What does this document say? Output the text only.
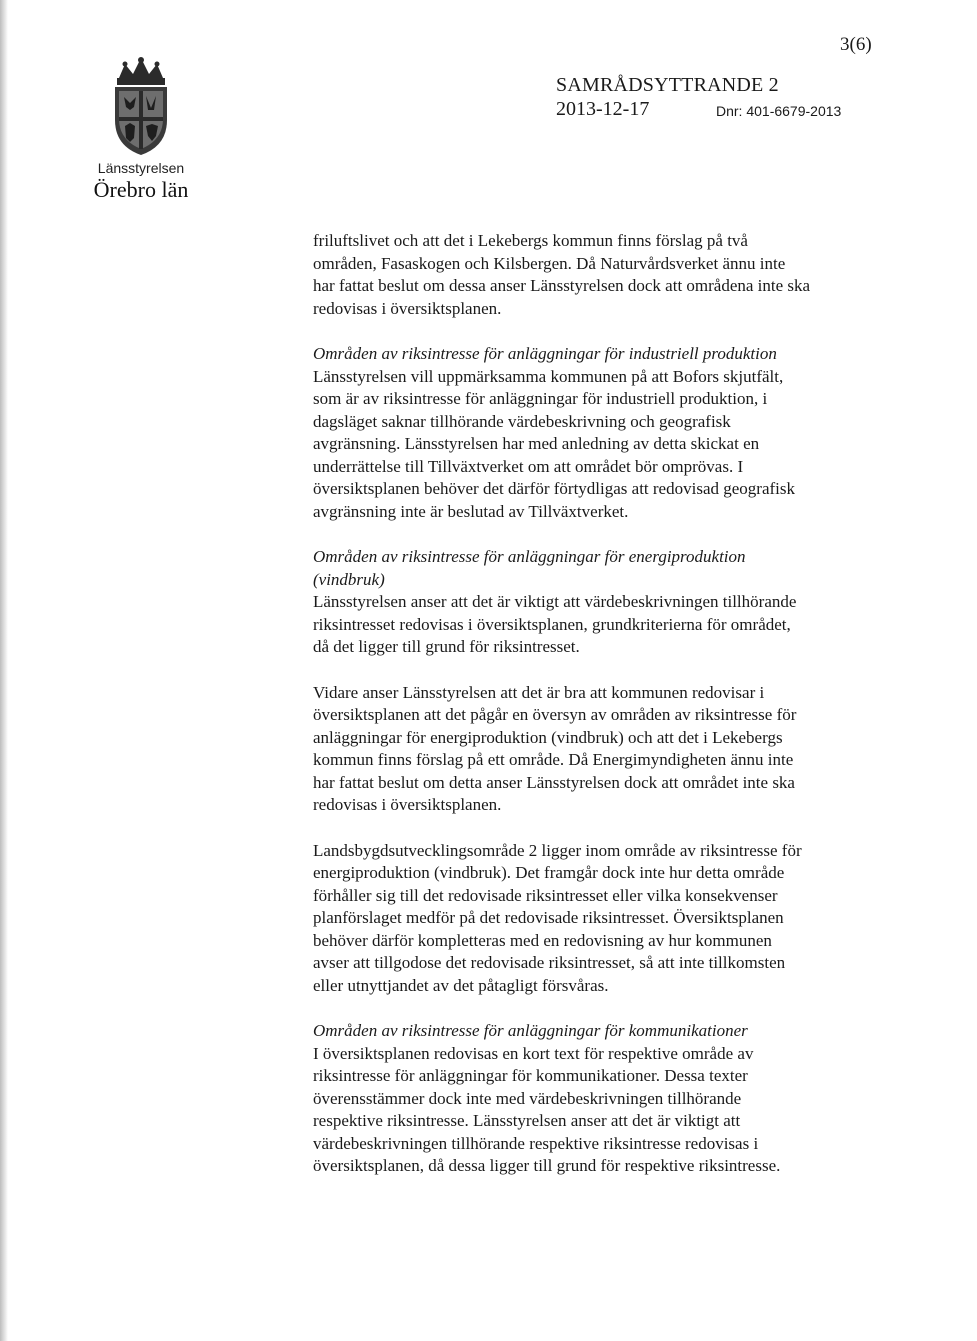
3(6)
SAMRÅDSYTTRANDE 2
2013-12-17	Dnr: 401-6679-2013
Länsstyrelsen
Örebro län
friluftslivet och att det i Lekebergs kommun finns förslag på två
områden, Fasaskogen och Kilsbergen. Då Naturvårdsverket ännu inte
har fattat beslut om dessa anser Länsstyrelsen dock att områdena inte ska
redovisas i översiktsplanen.
Områden av riksintresse för anläggningar för industriell produktion
Länsstyrelsen vill uppmärksamma kommunen på att Bofors skjutfält,
som är av riksintresse för anläggningar för industriell produktion, i
dagsläget saknar tillhörande värdebeskrivning och geografisk
avgränsning. Länsstyrelsen har med anledning av detta skickat en
underrättelse till Tillväxtverket om att området bör omprövas. I
översiktsplanen behöver det därför förtydligas att redovisad geografisk
avgränsning inte är beslutad av Tillväxtverket.
Områden av riksintresse för anläggningar för energiproduktion
(vindbruk)
Länsstyrelsen anser att det är viktigt att värdebeskrivningen tillhörande
riksintresset redovisas i översiktsplanen, grundkriterierna för området,
då det ligger till grund för riksintresset.
Vidare anser Länsstyrelsen att det är bra att kommunen redovisar i
översiktsplanen att det pågår en översyn av områden av riksintresse för
anläggningar för energiproduktion (vindbruk) och att det i Lekebergs
kommun finns förslag på ett område. Då Energimyndigheten ännu inte
har fattat beslut om detta anser Länsstyrelsen dock att området inte ska
redovisas i översiktsplanen.
Landsbygdsutvecklingsområde 2 ligger inom område av riksintresse för
energiproduktion (vindbruk). Det framgår dock inte hur detta område
förhåller sig till det redovisade riksintresset eller vilka konsekvenser
planförslaget medför på det redovisade riksintresset. Översiktsplanen
behöver därför kompletteras med en redovisning av hur kommunen
avser att tillgodose det redovisade riksintresset, så att inte tillkomsten
eller utnyttjandet av det påtagligt försvåras.
Områden av riksintresse för anläggningar för kommunikationer
I översiktsplanen redovisas en kort text för respektive område av
riksintresse för anläggningar för kommunikationer. Dessa texter
överensstämmer dock inte med värdebeskrivningen tillhörande
respektive riksintresse. Länsstyrelsen anser att det är viktigt att
värdebeskrivningen tillhörande respektive riksintresse redovisas i
översiktsplanen, då dessa ligger till grund för respektive riksintresse.
